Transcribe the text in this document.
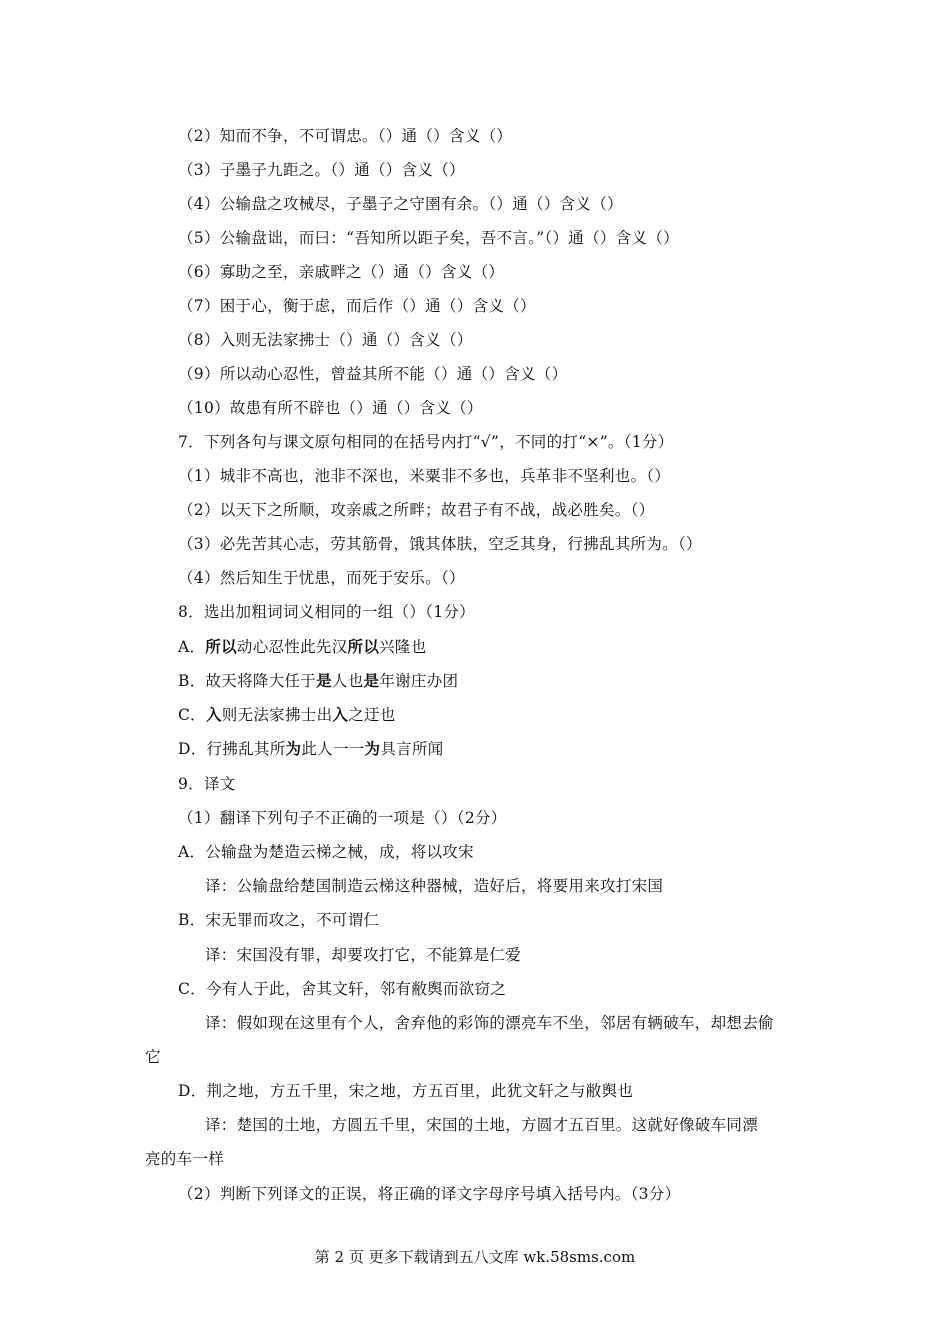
（2）知而不争，不可谓忠。（）通（）含义（）
（3）子墨子九距之。（）通（）含义（）
（4）公输盘之攻械尽，子墨子之守圉有余。（）通（）含义（）
（5）公输盘诎，而曰：“吾知所以距子矣，吾不言。”（）通（）含义（）
（6）寡助之至，亲戚畔之（）通（）含义（）
（7）困于心，衡于虑，而后作（）通（）含义（）
（8）入则无法家拂士（）通（）含义（）
（9）所以动心忍性，曾益其所不能（）通（）含义（）
（10）故患有所不辟也（）通（）含义（）
7．下列各句与课文原句相同的在括号内打“√”，不同的打“×”。（1分）
（1）城非不高也，池非不深也，米粟非不多也，兵革非不坚利也。（）
（2）以天下之所顺，攻亲戚之所畔；故君子有不战，战必胜矣。（）
（3）必先苦其心志，劳其筋骨，饿其体肤，空乏其身，行拂乱其所为。（）
（4）然后知生于忧患，而死于安乐。（）
8．选出加粗词词义相同的一组（）（1分）
A．所以动心忍性此先汉所以兴隆也
B．故天将降大任于是人也是年谢庄办团
C．入则无法家拂士出入之迂也
D．行拂乱其所为此人一一为具言所闻
9．译文
（1）翻译下列句子不正确的一项是（）（2分）
A．公输盘为楚造云梯之械，成，将以攻宋
译：公输盘给楚国制造云梯这种器械，造好后，将要用来攻打宋国
B．宋无罪而攻之，不可谓仁
译：宋国没有罪，却要攻打它，不能算是仁爱
C．今有人于此，舍其文轩，邻有敝舆而欲窃之
译：假如现在这里有个人，舍弃他的彩饰的漂亮车不坐，邻居有辆破车，却想去偷
它
D．荆之地，方五千里，宋之地，方五百里，此犹文轩之与敝舆也
译：楚国的土地，方圆五千里，宋国的土地，方圆才五百里。这就好像破车同漂
亮的车一样
（2）判断下列译文的正误，将正确的译文字母序号填入括号内。（3分）
第 2 页 更多下载请到五八文库 wk.58sms.com
